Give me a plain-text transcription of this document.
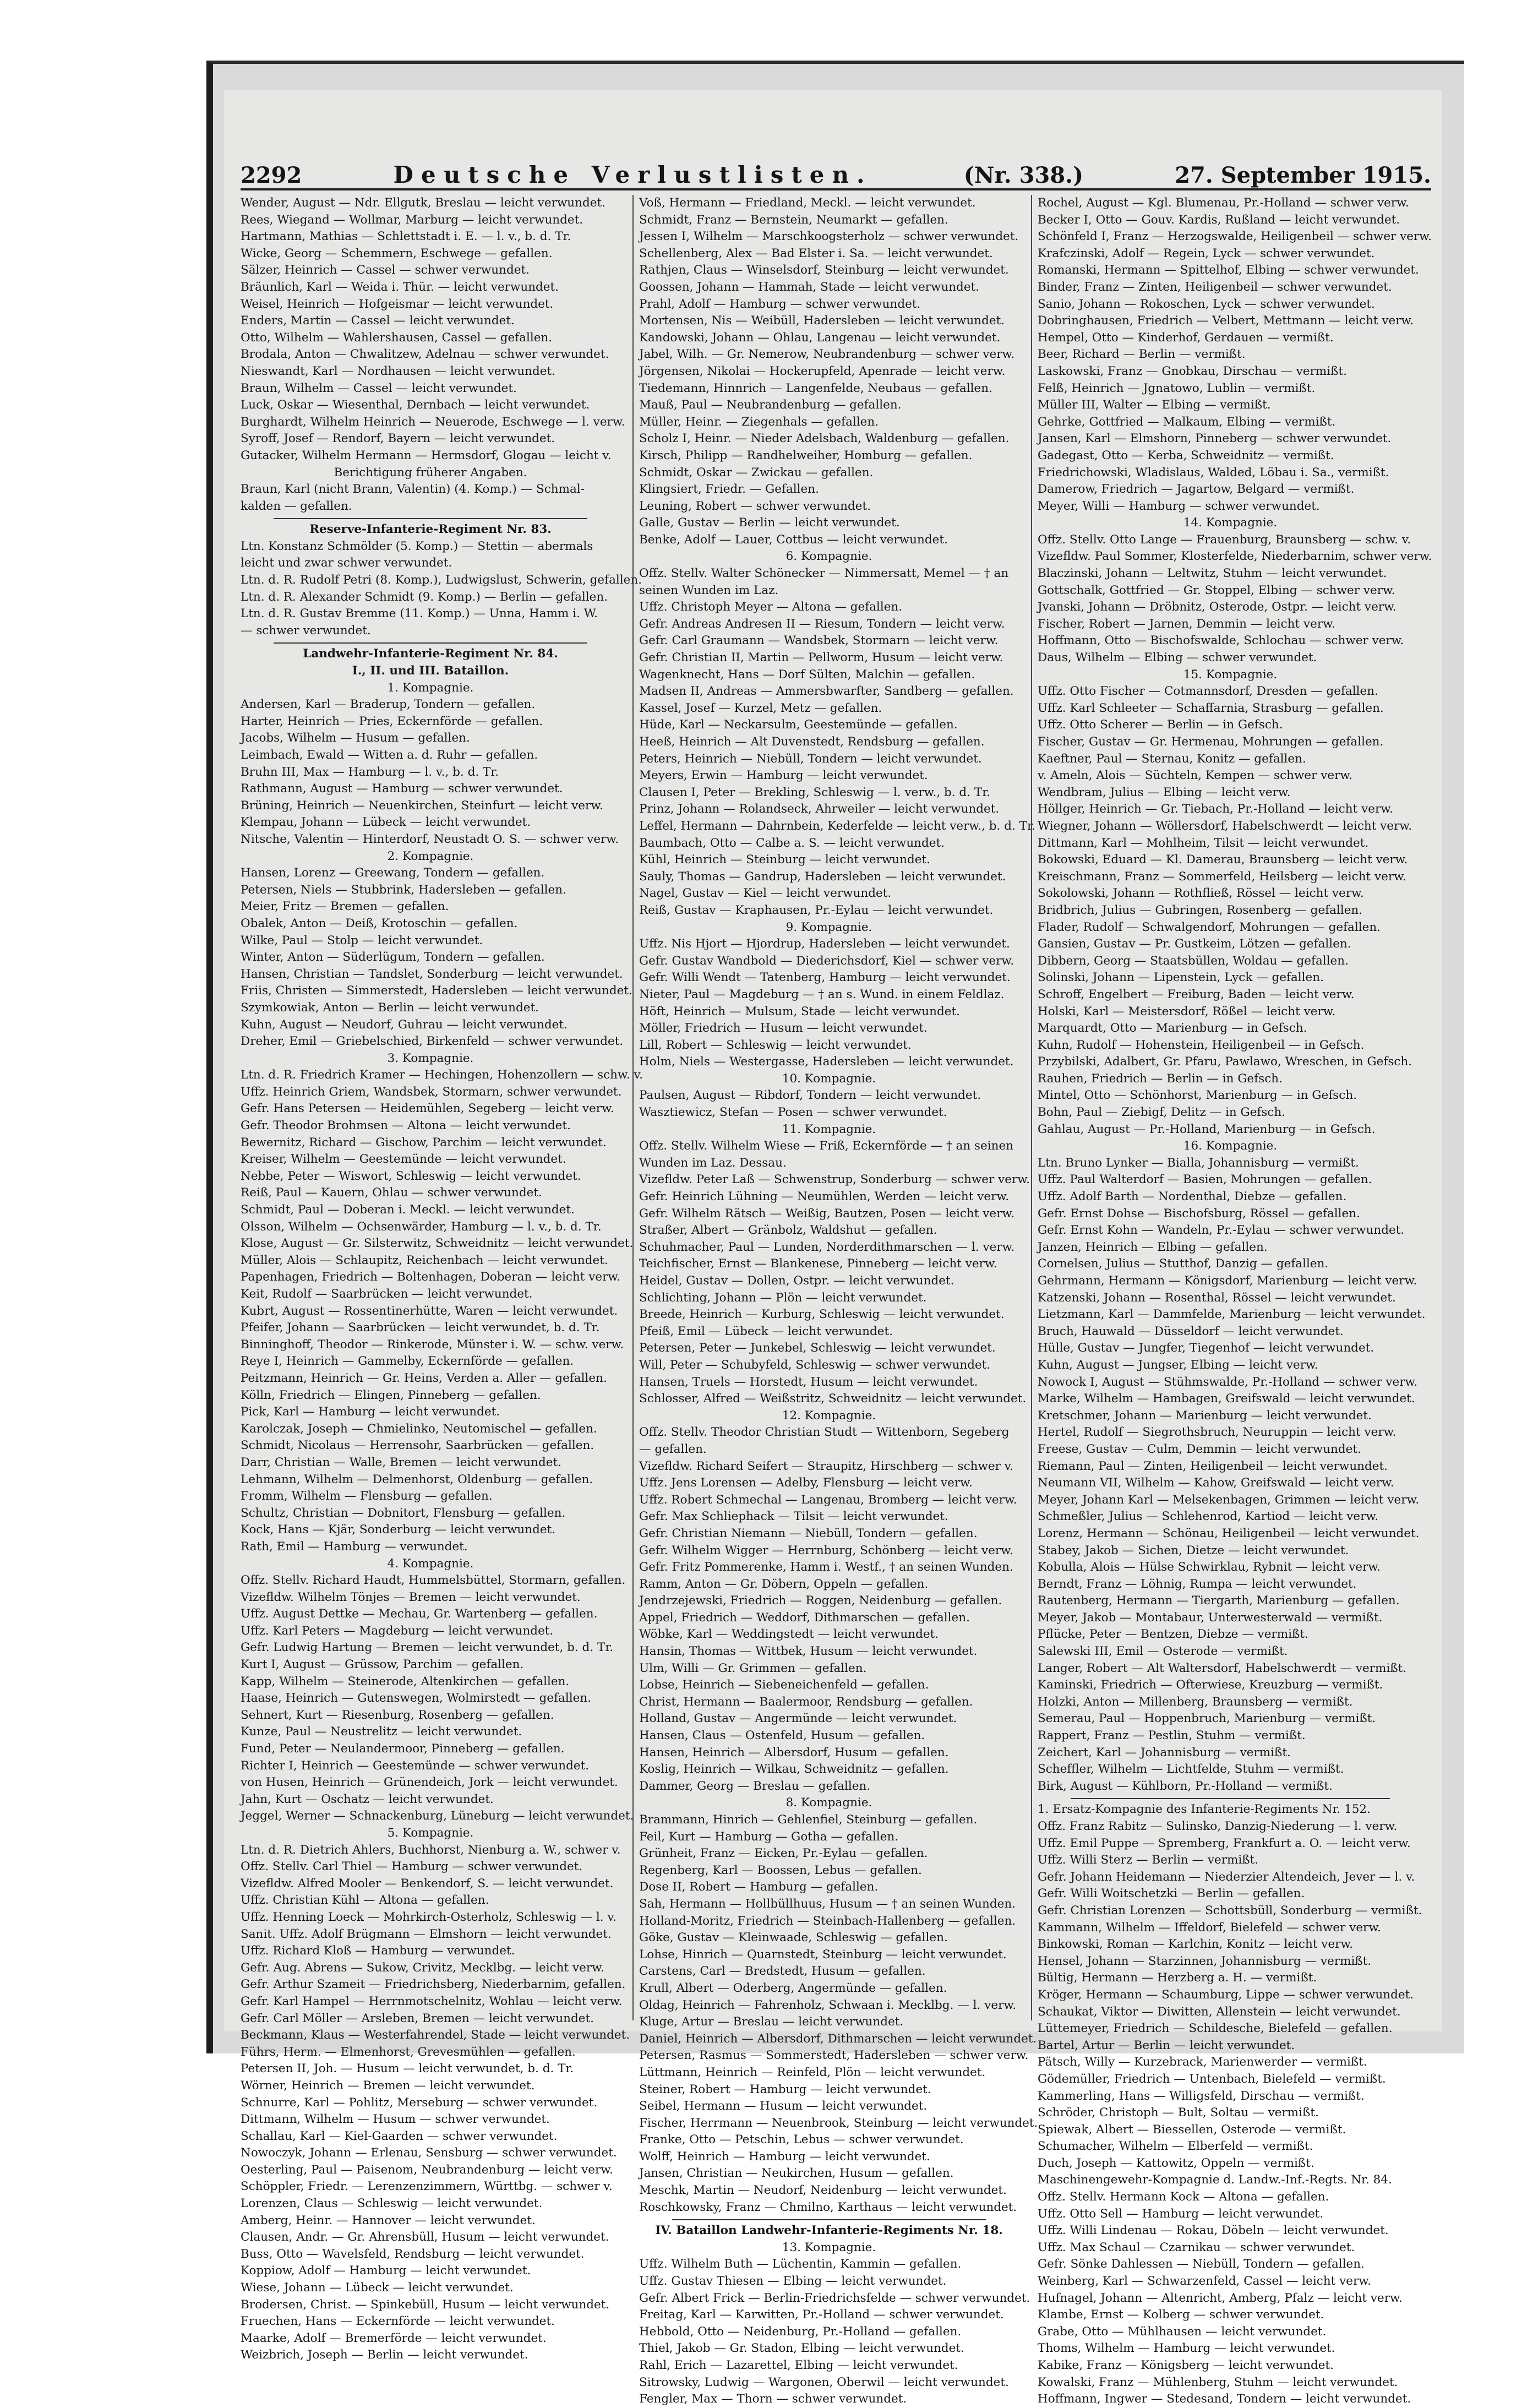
2292	Deutsche Verlustlisten.	(Nr. 338.)	27. September 1915.
Wender, August — Ndr. Ellgutk, Breslau — leicht verwundet.
Rees, Wiegand — Wollmar, Marburg — leicht verwundet.
Hartmann, Mathias — Schlettstadt i. E. — l. v., b. d. Tr.
Wicke, Georg — Schemmern, Eschwege — gefallen.
Sälzer, Heinrich — Cassel — schwer verwundet.
Bräunlich, Karl — Weida i. Thür. — leicht verwundet.
Weisel, Heinrich — Hofgeismar — leicht verwundet.
Enders, Martin — Cassel — leicht verwundet.
Otto, Wilhelm — Wahlershausen, Cassel — gefallen.
Brodala, Anton — Chwalitzew, Adelnau — schwer verwundet.
Nieswandt, Karl — Nordhausen — leicht verwundet.
Braun, Wilhelm — Cassel — leicht verwundet.
Luck, Oskar — Wiesenthal, Dernbach — leicht verwundet.
Burghardt, Wilhelm Heinrich — Neuerode, Eschwege — l. verw.
Syroff, Josef — Rendorf, Bayern — leicht verwundet.
Gutacker, Wilhelm Hermann — Hermsdorf, Glogau — leicht v.
Berichtigung früherer Angaben.
Braun, Karl (nicht Brann, Valentin) (4. Komp.) — Schmal-
kalden — gefallen.
Reserve-Infanterie-Regiment Nr. 83.
Ltn. Konstanz Schmölder (5. Komp.) — Stettin — abermals
leicht und zwar schwer verwundet.
Ltn. d. R. Rudolf Petri (8. Komp.), Ludwigslust, Schwerin, gefallen.
Ltn. d. R. Alexander Schmidt (9. Komp.) — Berlin — gefallen.
Ltn. d. R. Gustav Bremme (11. Komp.) — Unna, Hamm i. W.
— schwer verwundet.
Landwehr-Infanterie-Regiment Nr. 84.
I., II. und III. Bataillon.
1. Kompagnie.
Andersen, Karl — Braderup, Tondern — gefallen.
Harter, Heinrich — Pries, Eckernförde — gefallen.
Jacobs, Wilhelm — Husum — gefallen.
Leimbach, Ewald — Witten a. d. Ruhr — gefallen.
Bruhn III, Max — Hamburg — l. v., b. d. Tr.
Rathmann, August — Hamburg — schwer verwundet.
Brüning, Heinrich — Neuenkirchen, Steinfurt — leicht verw.
Klempau, Johann — Lübeck — leicht verwundet.
Nitsche, Valentin — Hinterdorf, Neustadt O. S. — schwer verw.
2. Kompagnie.
Hansen, Lorenz — Greewang, Tondern — gefallen.
Petersen, Niels — Stubbrink, Hadersleben — gefallen.
Meier, Fritz — Bremen — gefallen.
Obalek, Anton — Deiß, Krotoschin — gefallen.
Wilke, Paul — Stolp — leicht verwundet.
Winter, Anton — Süderlügum, Tondern — gefallen.
Hansen, Christian — Tandslet, Sonderburg — leicht verwundet.
Friis, Christen — Simmerstedt, Hadersleben — leicht verwundet.
Szymkowiak, Anton — Berlin — leicht verwundet.
Kuhn, August — Neudorf, Guhrau — leicht verwundet.
Dreher, Emil — Griebelschied, Birkenfeld — schwer verwundet.
3. Kompagnie.
Ltn. d. R. Friedrich Kramer — Hechingen, Hohenzollern — schw. v.
Uffz. Heinrich Griem, Wandsbek, Stormarn, schwer verwundet.
Gefr. Hans Petersen — Heidemühlen, Segeberg — leicht verw.
Gefr. Theodor Brohmsen — Altona — leicht verwundet.
Bewernitz, Richard — Gischow, Parchim — leicht verwundet.
Kreiser, Wilhelm — Geestemünde — leicht verwundet.
Nebbe, Peter — Wiswort, Schleswig — leicht verwundet.
Reiß, Paul — Kauern, Ohlau — schwer verwundet.
Schmidt, Paul — Doberan i. Meckl. — leicht verwundet.
Olsson, Wilhelm — Ochsenwärder, Hamburg — l. v., b. d. Tr.
Klose, August — Gr. Silsterwitz, Schweidnitz — leicht verwundet.
Müller, Alois — Schlaupitz, Reichenbach — leicht verwundet.
Papenhagen, Friedrich — Boltenhagen, Doberan — leicht verw.
Keit, Rudolf — Saarbrücken — leicht verwundet.
Kubrt, August — Rossentinerhütte, Waren — leicht verwundet.
Pfeifer, Johann — Saarbrücken — leicht verwundet, b. d. Tr.
Binninghoff, Theodor — Rinkerode, Münster i. W. — schw. verw.
Reye I, Heinrich — Gammelby, Eckernförde — gefallen.
Peitzmann, Heinrich — Gr. Heins, Verden a. Aller — gefallen.
Kölln, Friedrich — Elingen, Pinneberg — gefallen.
Pick, Karl — Hamburg — leicht verwundet.
Karolczak, Joseph — Chmielinko, Neutomischel — gefallen.
Schmidt, Nicolaus — Herrensohr, Saarbrücken — gefallen.
Darr, Christian — Walle, Bremen — leicht verwundet.
Lehmann, Wilhelm — Delmenhorst, Oldenburg — gefallen.
Fromm, Wilhelm — Flensburg — gefallen.
Schultz, Christian — Dobnitort, Flensburg — gefallen.
Kock, Hans — Kjär, Sonderburg — leicht verwundet.
Rath, Emil — Hamburg — verwundet.
4. Kompagnie.
Offz. Stellv. Richard Haudt, Hummelsbüttel, Stormarn, gefallen.
Vizefldw. Wilhelm Tönjes — Bremen — leicht verwundet.
Uffz. August Dettke — Mechau, Gr. Wartenberg — gefallen.
Uffz. Karl Peters — Magdeburg — leicht verwundet.
Gefr. Ludwig Hartung — Bremen — leicht verwundet, b. d. Tr.
Kurt I, August — Grüssow, Parchim — gefallen.
Kapp, Wilhelm — Steinerode, Altenkirchen — gefallen.
Haase, Heinrich — Gutenswegen, Wolmirstedt — gefallen.
Sehnert, Kurt — Riesenburg, Rosenberg — gefallen.
Kunze, Paul — Neustrelitz — leicht verwundet.
Fund, Peter — Neulandermoor, Pinneberg — gefallen.
Richter I, Heinrich — Geestemünde — schwer verwundet.
von Husen, Heinrich — Grünendeich, Jork — leicht verwundet.
Jahn, Kurt — Oschatz — leicht verwundet.
Jeggel, Werner — Schnackenburg, Lüneburg — leicht verwundet.
5. Kompagnie.
Ltn. d. R. Dietrich Ahlers, Buchhorst, Nienburg a. W., schwer v.
Offz. Stellv. Carl Thiel — Hamburg — schwer verwundet.
Vizefldw. Alfred Mooler — Benkendorf, S. — leicht verwundet.
Uffz. Christian Kühl — Altona — gefallen.
Uffz. Henning Loeck — Mohrkirch-Osterholz, Schleswig — l. v.
Sanit. Uffz. Adolf Brügmann — Elmshorn — leicht verwundet.
Uffz. Richard Kloß — Hamburg — verwundet.
Gefr. Aug. Abrens — Sukow, Crivitz, Mecklbg. — leicht verw.
Gefr. Arthur Szameit — Friedrichsberg, Niederbarnim, gefallen.
Gefr. Karl Hampel — Herrnmotschelnitz, Wohlau — leicht verw.
Gefr. Carl Möller — Arsleben, Bremen — leicht verwundet.
Beckmann, Klaus — Westerfahrendel, Stade — leicht verwundet.
Führs, Herm. — Elmenhorst, Grevesmühlen — gefallen.
Petersen II, Joh. — Husum — leicht verwundet, b. d. Tr.
Wörner, Heinrich — Bremen — leicht verwundet.
Schnurre, Karl — Pohlitz, Merseburg — schwer verwundet.
Dittmann, Wilhelm — Husum — schwer verwundet.
Schallau, Karl — Kiel-Gaarden — schwer verwundet.
Nowoczyk, Johann — Erlenau, Sensburg — schwer verwundet.
Oesterling, Paul — Paisenom, Neubrandenburg — leicht verw.
Schöppler, Friedr. — Lerenzenzimmern, Württbg. — schwer v.
Lorenzen, Claus — Schleswig — leicht verwundet.
Amberg, Heinr. — Hannover — leicht verwundet.
Clausen, Andr. — Gr. Ahrensbüll, Husum — leicht verwundet.
Buss, Otto — Wavelsfeld, Rendsburg — leicht verwundet.
Koppiow, Adolf — Hamburg — leicht verwundet.
Wiese, Johann — Lübeck — leicht verwundet.
Brodersen, Christ. — Spinkebüll, Husum — leicht verwundet.
Fruechen, Hans — Eckernförde — leicht verwundet.
Maarke, Adolf — Bremerförde — leicht verwundet.
Weizbrich, Joseph — Berlin — leicht verwundet.
Voß, Hermann — Friedland, Meckl. — leicht verwundet.
Schmidt, Franz — Bernstein, Neumarkt — gefallen.
Jessen I, Wilhelm — Marschkoogsterholz — schwer verwundet.
Schellenberg, Alex — Bad Elster i. Sa. — leicht verwundet.
Rathjen, Claus — Winselsdorf, Steinburg — leicht verwundet.
Goossen, Johann — Hammah, Stade — leicht verwundet.
Prahl, Adolf — Hamburg — schwer verwundet.
Mortensen, Nis — Weibüll, Hadersleben — leicht verwundet.
Kandowski, Johann — Ohlau, Langenau — leicht verwundet.
Jabel, Wilh. — Gr. Nemerow, Neubrandenburg — schwer verw.
Jörgensen, Nikolai — Hockerupfeld, Apenrade — leicht verw.
Tiedemann, Hinnrich — Langenfelde, Neubaus — gefallen.
Mauß, Paul — Neubrandenburg — gefallen.
Müller, Heinr. — Ziegenhals — gefallen.
Scholz I, Heinr. — Nieder Adelsbach, Waldenburg — gefallen.
Kirsch, Philipp — Randhelweiher, Homburg — gefallen.
Schmidt, Oskar — Zwickau — gefallen.
Klingsiert, Friedr. — Gefallen.
Leuning, Robert — schwer verwundet.
Galle, Gustav — Berlin — leicht verwundet.
Benke, Adolf — Lauer, Cottbus — leicht verwundet.
6. Kompagnie.
Offz. Stellv. Walter Schönecker — Nimmersatt, Memel — † an
seinen Wunden im Laz.
Uffz. Christoph Meyer — Altona — gefallen.
Gefr. Andreas Andresen II — Riesum, Tondern — leicht verw.
Gefr. Carl Graumann — Wandsbek, Stormarn — leicht verw.
Gefr. Christian II, Martin — Pellworm, Husum — leicht verw.
Wagenknecht, Hans — Dorf Sülten, Malchin — gefallen.
Madsen II, Andreas — Ammersbwarfter, Sandberg — gefallen.
Kassel, Josef — Kurzel, Metz — gefallen.
Hüde, Karl — Neckarsulm, Geestemünde — gefallen.
Heeß, Heinrich — Alt Duvenstedt, Rendsburg — gefallen.
Peters, Heinrich — Niebüll, Tondern — leicht verwundet.
Meyers, Erwin — Hamburg — leicht verwundet.
Clausen I, Peter — Brekling, Schleswig — l. verw., b. d. Tr.
Prinz, Johann — Rolandseck, Ahrweiler — leicht verwundet.
Leffel, Hermann — Dahrnbein, Kederfelde — leicht verw., b. d. Tr.
Baumbach, Otto — Calbe a. S. — leicht verwundet.
Kühl, Heinrich — Steinburg — leicht verwundet.
Sauly, Thomas — Gandrup, Hadersleben — leicht verwundet.
Nagel, Gustav — Kiel — leicht verwundet.
Reiß, Gustav — Kraphausen, Pr.-Eylau — leicht verwundet.
9. Kompagnie.
Uffz. Nis Hjort — Hjordrup, Hadersleben — leicht verwundet.
Gefr. Gustav Wandbold — Diederichsdorf, Kiel — schwer verw.
Gefr. Willi Wendt — Tatenberg, Hamburg — leicht verwundet.
Nieter, Paul — Magdeburg — † an s. Wund. in einem Feldlaz.
Höft, Heinrich — Mulsum, Stade — leicht verwundet.
Möller, Friedrich — Husum — leicht verwundet.
Lill, Robert — Schleswig — leicht verwundet.
Holm, Niels — Westergasse, Hadersleben — leicht verwundet.
10. Kompagnie.
Paulsen, August — Ribdorf, Tondern — leicht verwundet.
Wasztiewicz, Stefan — Posen — schwer verwundet.
11. Kompagnie.
Offz. Stellv. Wilhelm Wiese — Friß, Eckernförde — † an seinen
Wunden im Laz. Dessau.
Vizefldw. Peter Laß — Schwenstrup, Sonderburg — schwer verw.
Gefr. Heinrich Lühning — Neumühlen, Werden — leicht verw.
Gefr. Wilhelm Rätsch — Weißig, Bautzen, Posen — leicht verw.
Straßer, Albert — Gränbolz, Waldshut — gefallen.
Schuhmacher, Paul — Lunden, Norderdithmarschen — l. verw.
Teichfischer, Ernst — Blankenese, Pinneberg — leicht verw.
Heidel, Gustav — Dollen, Ostpr. — leicht verwundet.
Schlichting, Johann — Plön — leicht verwundet.
Breede, Heinrich — Kurburg, Schleswig — leicht verwundet.
Pfeiß, Emil — Lübeck — leicht verwundet.
Petersen, Peter — Junkebel, Schleswig — leicht verwundet.
Will, Peter — Schubyfeld, Schleswig — schwer verwundet.
Hansen, Truels — Horstedt, Husum — leicht verwundet.
Schlosser, Alfred — Weißstritz, Schweidnitz — leicht verwundet.
12. Kompagnie.
Offz. Stellv. Theodor Christian Studt — Wittenborn, Segeberg
— gefallen.
Vizefldw. Richard Seifert — Straupitz, Hirschberg — schwer v.
Uffz. Jens Lorensen — Adelby, Flensburg — leicht verw.
Uffz. Robert Schmechal — Langenau, Bromberg — leicht verw.
Gefr. Max Schliephack — Tilsit — leicht verwundet.
Gefr. Christian Niemann — Niebüll, Tondern — gefallen.
Gefr. Wilhelm Wigger — Herrnburg, Schönberg — leicht verw.
Gefr. Fritz Pommerenke, Hamm i. Westf., † an seinen Wunden.
Ramm, Anton — Gr. Döbern, Oppeln — gefallen.
Jendrzejewski, Friedrich — Roggen, Neidenburg — gefallen.
Appel, Friedrich — Weddorf, Dithmarschen — gefallen.
Wöbke, Karl — Weddingstedt — leicht verwundet.
Hansin, Thomas — Wittbek, Husum — leicht verwundet.
Ulm, Willi — Gr. Grimmen — gefallen.
Lobse, Heinrich — Siebeneichenfeld — gefallen.
Christ, Hermann — Baalermoor, Rendsburg — gefallen.
Holland, Gustav — Angermünde — leicht verwundet.
Hansen, Claus — Ostenfeld, Husum — gefallen.
Hansen, Heinrich — Albersdorf, Husum — gefallen.
Koslig, Heinrich — Wilkau, Schweidnitz — gefallen.
Dammer, Georg — Breslau — gefallen.
8. Kompagnie.
Brammann, Hinrich — Gehlenfiel, Steinburg — gefallen.
Feil, Kurt — Hamburg — Gotha — gefallen.
Grünheit, Franz — Eicken, Pr.-Eylau — gefallen.
Regenberg, Karl — Boossen, Lebus — gefallen.
Dose II, Robert — Hamburg — gefallen.
Sah, Hermann — Hollbüllhuus, Husum — † an seinen Wunden.
Holland-Moritz, Friedrich — Steinbach-Hallenberg — gefallen.
Göke, Gustav — Kleinwaade, Schleswig — gefallen.
Lohse, Hinrich — Quarnstedt, Steinburg — leicht verwundet.
Carstens, Carl — Bredstedt, Husum — gefallen.
Krull, Albert — Oderberg, Angermünde — gefallen.
Oldag, Heinrich — Fahrenholz, Schwaan i. Mecklbg. — l. verw.
Kluge, Artur — Breslau — leicht verwundet.
Daniel, Heinrich — Albersdorf, Dithmarschen — leicht verwundet.
Petersen, Rasmus — Sommerstedt, Hadersleben — schwer verw.
Lüttmann, Heinrich — Reinfeld, Plön — leicht verwundet.
Steiner, Robert — Hamburg — leicht verwundet.
Seibel, Hermann — Husum — leicht verwundet.
Fischer, Herrmann — Neuenbrook, Steinburg — leicht verwundet.
Franke, Otto — Petschin, Lebus — schwer verwundet.
Wolff, Heinrich — Hamburg — leicht verwundet.
Jansen, Christian — Neukirchen, Husum — gefallen.
Meschk, Martin — Neudorf, Neidenburg — leicht verwundet.
Roschkowsky, Franz — Chmilno, Karthaus — leicht verwundet.
IV. Bataillon Landwehr-Infanterie-Regiments Nr. 18.
13. Kompagnie.
Uffz. Wilhelm Buth — Lüchentin, Kammin — gefallen.
Uffz. Gustav Thiesen — Elbing — leicht verwundet.
Gefr. Albert Frick — Berlin-Friedrichsfelde — schwer verwundet.
Freitag, Karl — Karwitten, Pr.-Holland — schwer verwundet.
Hebbold, Otto — Neidenburg, Pr.-Holland — gefallen.
Thiel, Jakob — Gr. Stadon, Elbing — leicht verwundet.
Rahl, Erich — Lazarettel, Elbing — leicht verwundet.
Sitrowsky, Ludwig — Wargonen, Oberwil — leicht verwundet.
Fengler, Max — Thorn — schwer verwundet.
Rochel, August — Kgl. Blumenau, Pr.-Holland — schwer verw.
Becker I, Otto — Gouv. Kardis, Rußland — leicht verwundet.
Schönfeld I, Franz — Herzogswalde, Heiligenbeil — schwer verw.
Krafczinski, Adolf — Regein, Lyck — schwer verwundet.
Romanski, Hermann — Spittelhof, Elbing — schwer verwundet.
Binder, Franz — Zinten, Heiligenbeil — schwer verwundet.
Sanio, Johann — Rokoschen, Lyck — schwer verwundet.
Dobringhausen, Friedrich — Velbert, Mettmann — leicht verw.
Hempel, Otto — Kinderhof, Gerdauen — vermißt.
Beer, Richard — Berlin — vermißt.
Laskowski, Franz — Gnobkau, Dirschau — vermißt.
Felß, Heinrich — Jgnatowo, Lublin — vermißt.
Müller III, Walter — Elbing — vermißt.
Gehrke, Gottfried — Malkaum, Elbing — vermißt.
Jansen, Karl — Elmshorn, Pinneberg — schwer verwundet.
Gadegast, Otto — Kerba, Schweidnitz — vermißt.
Friedrichowski, Wladislaus, Walded, Löbau i. Sa., vermißt.
Damerow, Friedrich — Jagartow, Belgard — vermißt.
Meyer, Willi — Hamburg — schwer verwundet.
14. Kompagnie.
Offz. Stellv. Otto Lange — Frauenburg, Braunsberg — schw. v.
Vizefldw. Paul Sommer, Klosterfelde, Niederbarnim, schwer verw.
Blaczinski, Johann — Leltwitz, Stuhm — leicht verwundet.
Gottschalk, Gottfried — Gr. Stoppel, Elbing — schwer verw.
Jvanski, Johann — Dröbnitz, Osterode, Ostpr. — leicht verw.
Fischer, Robert — Jarnen, Demmin — leicht verw.
Hoffmann, Otto — Bischofswalde, Schlochau — schwer verw.
Daus, Wilhelm — Elbing — schwer verwundet.
15. Kompagnie.
Uffz. Otto Fischer — Cotmannsdorf, Dresden — gefallen.
Uffz. Karl Schleeter — Schaffarnia, Strasburg — gefallen.
Uffz. Otto Scherer — Berlin — in Gefsch.
Fischer, Gustav — Gr. Hermenau, Mohrungen — gefallen.
Kaeftner, Paul — Sternau, Konitz — gefallen.
v. Ameln, Alois — Süchteln, Kempen — schwer verw.
Wendbram, Julius — Elbing — leicht verw.
Höllger, Heinrich — Gr. Tiebach, Pr.-Holland — leicht verw.
Wiegner, Johann — Wöllersdorf, Habelschwerdt — leicht verw.
Dittmann, Karl — Mohlheim, Tilsit — leicht verwundet.
Bokowski, Eduard — Kl. Damerau, Braunsberg — leicht verw.
Kreischmann, Franz — Sommerfeld, Heilsberg — leicht verw.
Sokolowski, Johann — Rothfließ, Rössel — leicht verw.
Bridbrich, Julius — Gubringen, Rosenberg — gefallen.
Flader, Rudolf — Schwalgendorf, Mohrungen — gefallen.
Gansien, Gustav — Pr. Gustkeim, Lötzen — gefallen.
Dibbern, Georg — Staatsbüllen, Woldau — gefallen.
Solinski, Johann — Lipenstein, Lyck — gefallen.
Schroff, Engelbert — Freiburg, Baden — leicht verw.
Holski, Karl — Meistersdorf, Rößel — leicht verw.
Marquardt, Otto — Marienburg — in Gefsch.
Kuhn, Rudolf — Hohenstein, Heiligenbeil — in Gefsch.
Przybilski, Adalbert, Gr. Pfaru, Pawlawo, Wreschen, in Gefsch.
Rauhen, Friedrich — Berlin — in Gefsch.
Mintel, Otto — Schönhorst, Marienburg — in Gefsch.
Bohn, Paul — Ziebigf, Delitz — in Gefsch.
Gahlau, August — Pr.-Holland, Marienburg — in Gefsch.
16. Kompagnie.
Ltn. Bruno Lynker — Bialla, Johannisburg — vermißt.
Uffz. Paul Walterdorf — Basien, Mohrungen — gefallen.
Uffz. Adolf Barth — Nordenthal, Diebze — gefallen.
Gefr. Ernst Dohse — Bischofsburg, Rössel — gefallen.
Gefr. Ernst Kohn — Wandeln, Pr.-Eylau — schwer verwundet.
Janzen, Heinrich — Elbing — gefallen.
Cornelsen, Julius — Stutthof, Danzig — gefallen.
Gehrmann, Hermann — Königsdorf, Marienburg — leicht verw.
Katzenski, Johann — Rosenthal, Rössel — leicht verwundet.
Lietzmann, Karl — Dammfelde, Marienburg — leicht verwundet.
Bruch, Hauwald — Düsseldorf — leicht verwundet.
Hülle, Gustav — Jungfer, Tiegenhof — leicht verwundet.
Kuhn, August — Jungser, Elbing — leicht verw.
Nowock I, August — Stühmswalde, Pr.-Holland — schwer verw.
Marke, Wilhelm — Hambagen, Greifswald — leicht verwundet.
Kretschmer, Johann — Marienburg — leicht verwundet.
Hertel, Rudolf — Siegrothsbruch, Neuruppin — leicht verw.
Freese, Gustav — Culm, Demmin — leicht verwundet.
Riemann, Paul — Zinten, Heiligenbeil — leicht verwundet.
Neumann VII, Wilhelm — Kahow, Greifswald — leicht verw.
Meyer, Johann Karl — Melsekenbagen, Grimmen — leicht verw.
Schmeßler, Julius — Schlehenrod, Kartiod — leicht verw.
Lorenz, Hermann — Schönau, Heiligenbeil — leicht verwundet.
Stabey, Jakob — Sichen, Dietze — leicht verwundet.
Kobulla, Alois — Hülse Schwirklau, Rybnit — leicht verw.
Berndt, Franz — Löhnig, Rumpa — leicht verwundet.
Rautenberg, Hermann — Tiergarth, Marienburg — gefallen.
Meyer, Jakob — Montabaur, Unterwesterwald — vermißt.
Pflücke, Peter — Bentzen, Diebze — vermißt.
Salewski III, Emil — Osterode — vermißt.
Langer, Robert — Alt Waltersdorf, Habelschwerdt — vermißt.
Kaminski, Friedrich — Ofterwiese, Kreuzburg — vermißt.
Holzki, Anton — Millenberg, Braunsberg — vermißt.
Semerau, Paul — Hoppenbruch, Marienburg — vermißt.
Rappert, Franz — Pestlin, Stuhm — vermißt.
Zeichert, Karl — Johannisburg — vermißt.
Scheffler, Wilhelm — Lichtfelde, Stuhm — vermißt.
Birk, August — Kühlborn, Pr.-Holland — vermißt.
1. Ersatz-Kompagnie des Infanterie-Regiments Nr. 152.
Offz. Franz Rabitz — Sulinsko, Danzig-Niederung — l. verw.
Uffz. Emil Puppe — Spremberg, Frankfurt a. O. — leicht verw.
Uffz. Willi Sterz — Berlin — vermißt.
Gefr. Johann Heidemann — Niederzier Altendeich, Jever — l. v.
Gefr. Willi Woitschetzki — Berlin — gefallen.
Gefr. Christian Lorenzen — Schottsbüll, Sonderburg — vermißt.
Kammann, Wilhelm — Iffeldorf, Bielefeld — schwer verw.
Binkowski, Roman — Karlchin, Konitz — leicht verw.
Hensel, Johann — Starzinnen, Johannisburg — vermißt.
Bültig, Hermann — Herzberg a. H. — vermißt.
Kröger, Hermann — Schaumburg, Lippe — schwer verwundet.
Schaukat, Viktor — Diwitten, Allenstein — leicht verwundet.
Lüttemeyer, Friedrich — Schildesche, Bielefeld — gefallen.
Bartel, Artur — Berlin — leicht verwundet.
Pätsch, Willy — Kurzebrack, Marienwerder — vermißt.
Gödemüller, Friedrich — Untenbach, Bielefeld — vermißt.
Kammerling, Hans — Willigsfeld, Dirschau — vermißt.
Schröder, Christoph — Bult, Soltau — vermißt.
Spiewak, Albert — Biessellen, Osterode — vermißt.
Schumacher, Wilhelm — Elberfeld — vermißt.
Duch, Joseph — Kattowitz, Oppeln — vermißt.
Maschinengewehr-Kompagnie d. Landw.-Inf.-Regts. Nr. 84.
Offz. Stellv. Hermann Kock — Altona — gefallen.
Uffz. Otto Sell — Hamburg — leicht verwundet.
Uffz. Willi Lindenau — Rokau, Döbeln — leicht verwundet.
Uffz. Max Schaul — Czarnikau — schwer verwundet.
Gefr. Sönke Dahlessen — Niebüll, Tondern — gefallen.
Weinberg, Karl — Schwarzenfeld, Cassel — leicht verw.
Hufnagel, Johann — Altenricht, Amberg, Pfalz — leicht verw.
Klambe, Ernst — Kolberg — schwer verwundet.
Grabe, Otto — Mühlhausen — leicht verwundet.
Thoms, Wilhelm — Hamburg — leicht verwundet.
Kabike, Franz — Königsberg — leicht verwundet.
Kowalski, Franz — Mühlenberg, Stuhm — leicht verwundet.
Hoffmann, Ingwer — Stedesand, Tondern — leicht verwundet.
